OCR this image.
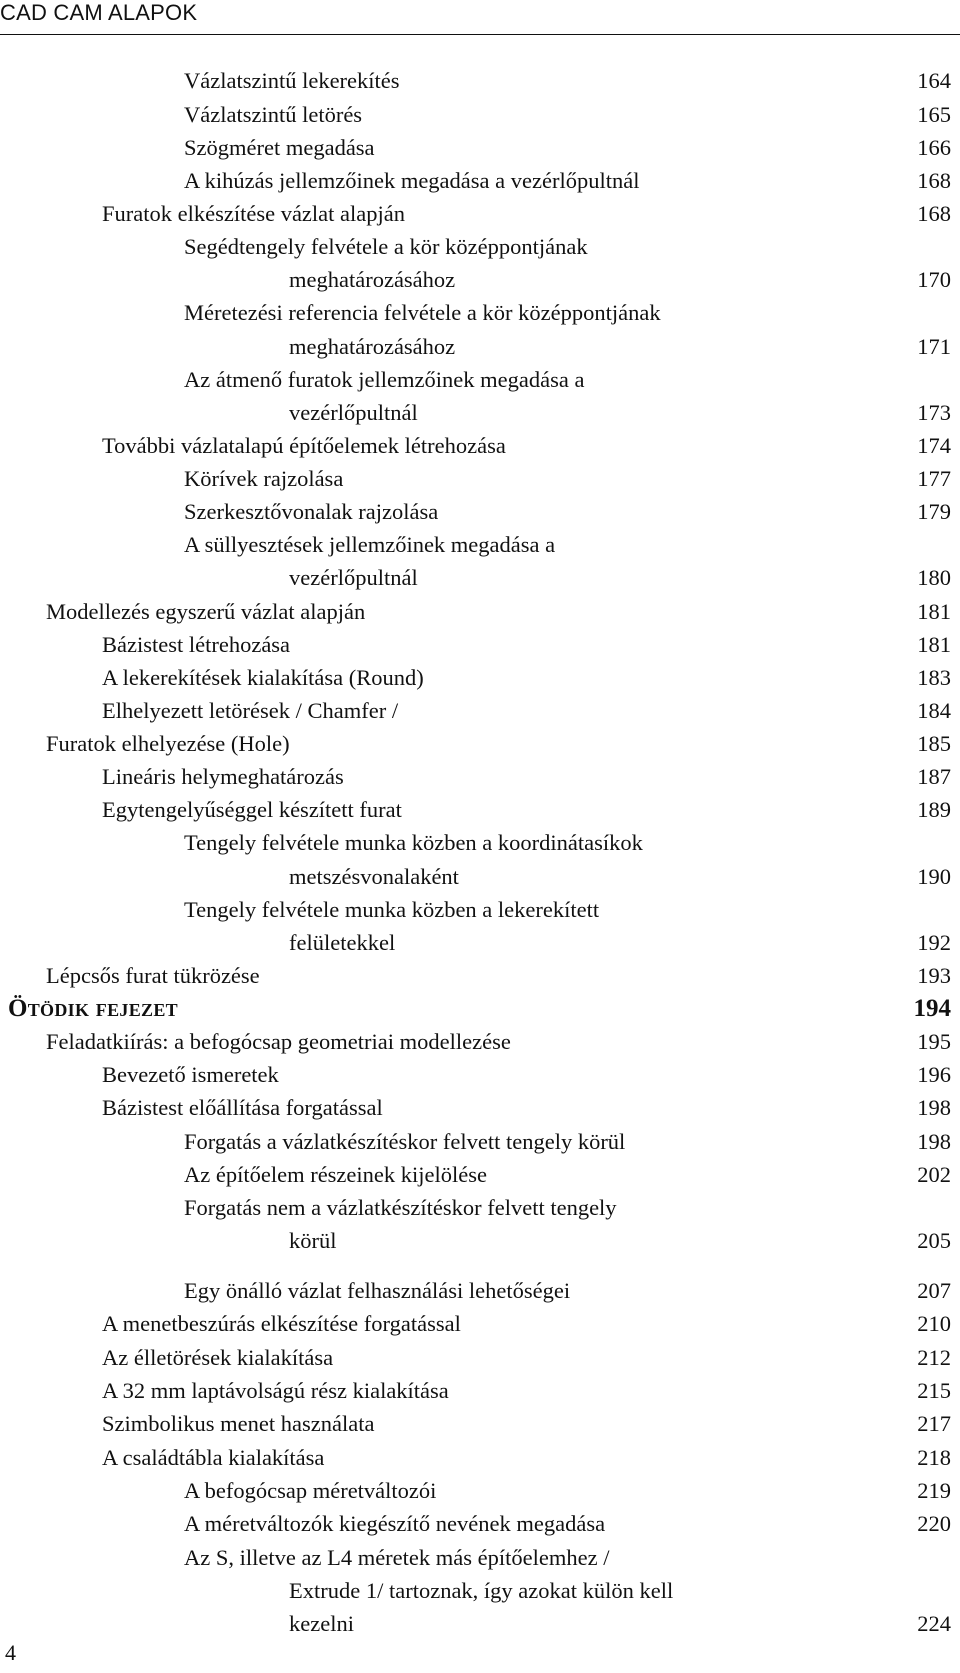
CAD CAM ALAPOK
Vázlatszintű lekerekítés	164
Vázlatszintű letörés	165
Szögméret megadása	166
A kihúzás jellemzőinek megadása a vezérlőpultnál	168
Furatok elkészítése vázlat alapján	168
Segédtengely felvétele a kör középpontjának
meghatározásához	170
Méretezési referencia felvétele a kör középpontjának
meghatározásához	171
Az átmenő furatok jellemzőinek megadása a
vezérlőpultnál	173
További vázlatalapú építőelemek létrehozása	174
Körívek rajzolása	177
Szerkesztővonalak rajzolása	179
A süllyesztések jellemzőinek megadása a
vezérlőpultnál	180
Modellezés egyszerű vázlat alapján	181
Bázistest létrehozása	181
A lekerekítések kialakítása (Round)	183
Elhelyezett letörések / Chamfer /	184
Furatok elhelyezése (Hole)	185
Lineáris helymeghatározás	187
Egytengelyűséggel készített furat	189
Tengely felvétele munka közben a koordinátasíkok
metszésvonalaként	190
Tengely felvétele munka közben a lekerekített
felületekkel	192
Lépcsős furat tükrözése	193
Ötödik fejezet	194
Feladatkiírás: a befogócsap geometriai modellezése	195
Bevezető ismeretek	196
Bázistest előállítása forgatással	198
Forgatás a vázlatkészítéskor felvett tengely körül	198
Az építőelem részeinek kijelölése	202
Forgatás nem a vázlatkészítéskor felvett tengely
körül	205
Egy önálló vázlat felhasználási lehetőségei	207
A menetbeszúrás elkészítése forgatással	210
Az élletörések kialakítása	212
A 32 mm laptávolságú rész kialakítása	215
Szimbolikus menet használata	217
A családtábla kialakítása	218
A befogócsap méretváltozói	219
A méretváltozók kiegészítő nevének megadása	220
Az S, illetve az L4 méretek más építőelemhez /
Extrude 1/ tartoznak, így azokat külön kell
kezelni	224
4
